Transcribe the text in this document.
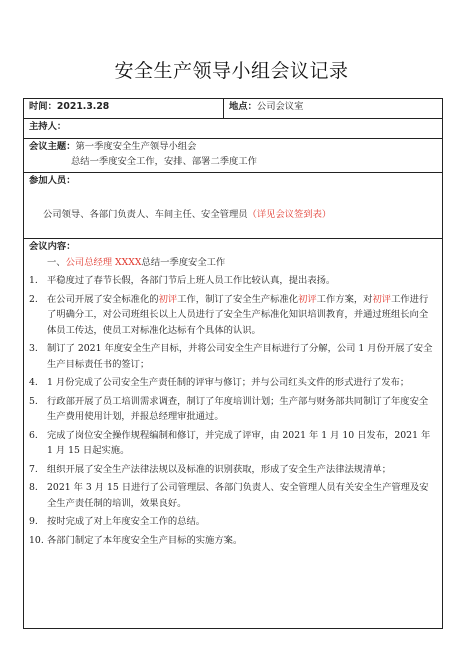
安全生产领导小组会议记录
时间：2021.3.28	地点：公司会议室
主持人：

会议主题：第一季度安全生产领导小组会
总结一季度安全工作，安排、部署二季度工作

参加人员：
公司领导、各部门负责人、车间主任、安全管理员（详见会议签到表）

会议内容：
一、公司总经理 XXXX总结一季度安全工作
1. 平稳度过了春节长假，各部门节后上班人员工作比较认真，提出表扬。
2. 在公司开展了安全标准化的初评工作，制订了安全生产标准化初评工作方案，对初评工作进行了明确分工，对公司班组长以上人员进行了安全生产标准化知识培训教育，并通过班组长向全体员工传达，使员工对标准化达标有个具体的认识。
3. 制订了 2021 年度安全生产目标，并将公司安全生产目标进行了分解，公司 1 月份开展了安全生产目标责任书的签订；
4. 1 月份完成了公司安全生产责任制的评审与修订；并与公司红头文件的形式进行了发布；
5. 行政部开展了员工培训需求调查，制订了年度培训计划；生产部与财务部共同制订了年度安全生产费用使用计划，并报总经理审批通过。
6. 完成了岗位安全操作规程编制和修订，并完成了评审，由 2021 年 1 月 10 日发布，2021 年 1 月 15 日起实施。
7. 组织开展了安全生产法律法规以及标准的识别获取，形成了安全生产法律法规清单；
8. 2021 年 3 月 15 日进行了公司管理层、各部门负责人、安全管理人员有关安全生产管理及安全生产责任制的培训，效果良好。
9. 按时完成了对上年度安全工作的总结。
10. 各部门制定了本年度安全生产目标的实施方案。
